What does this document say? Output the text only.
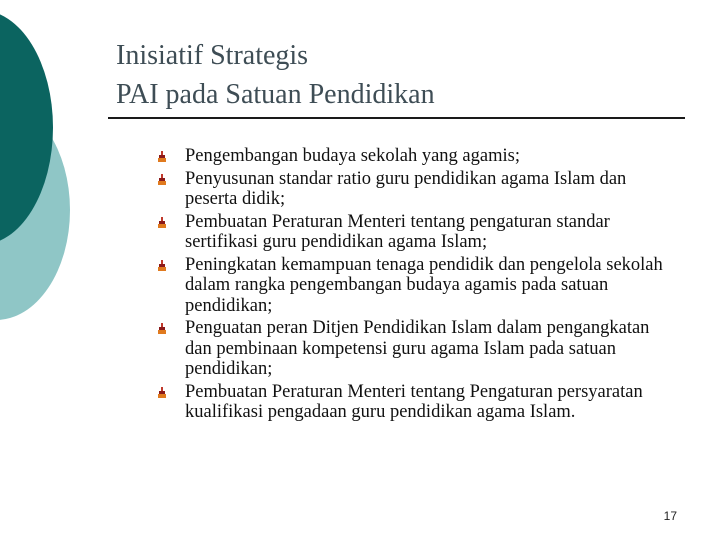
Inisiatif Strategis
PAI pada Satuan Pendidikan
Pengembangan budaya sekolah yang agamis;
Penyusunan standar ratio guru pendidikan agama Islam dan peserta didik;
Pembuatan Peraturan Menteri tentang pengaturan standar sertifikasi guru pendidikan agama Islam;
Peningkatan kemampuan tenaga pendidik dan pengelola sekolah dalam rangka pengembangan budaya agamis pada satuan pendidikan;
Penguatan peran Ditjen Pendidikan Islam dalam pengangkatan dan pembinaan kompetensi guru agama Islam pada satuan pendidikan;
Pembuatan Peraturan Menteri tentang Pengaturan persyaratan kualifikasi pengadaan guru pendidikan agama Islam.
17
